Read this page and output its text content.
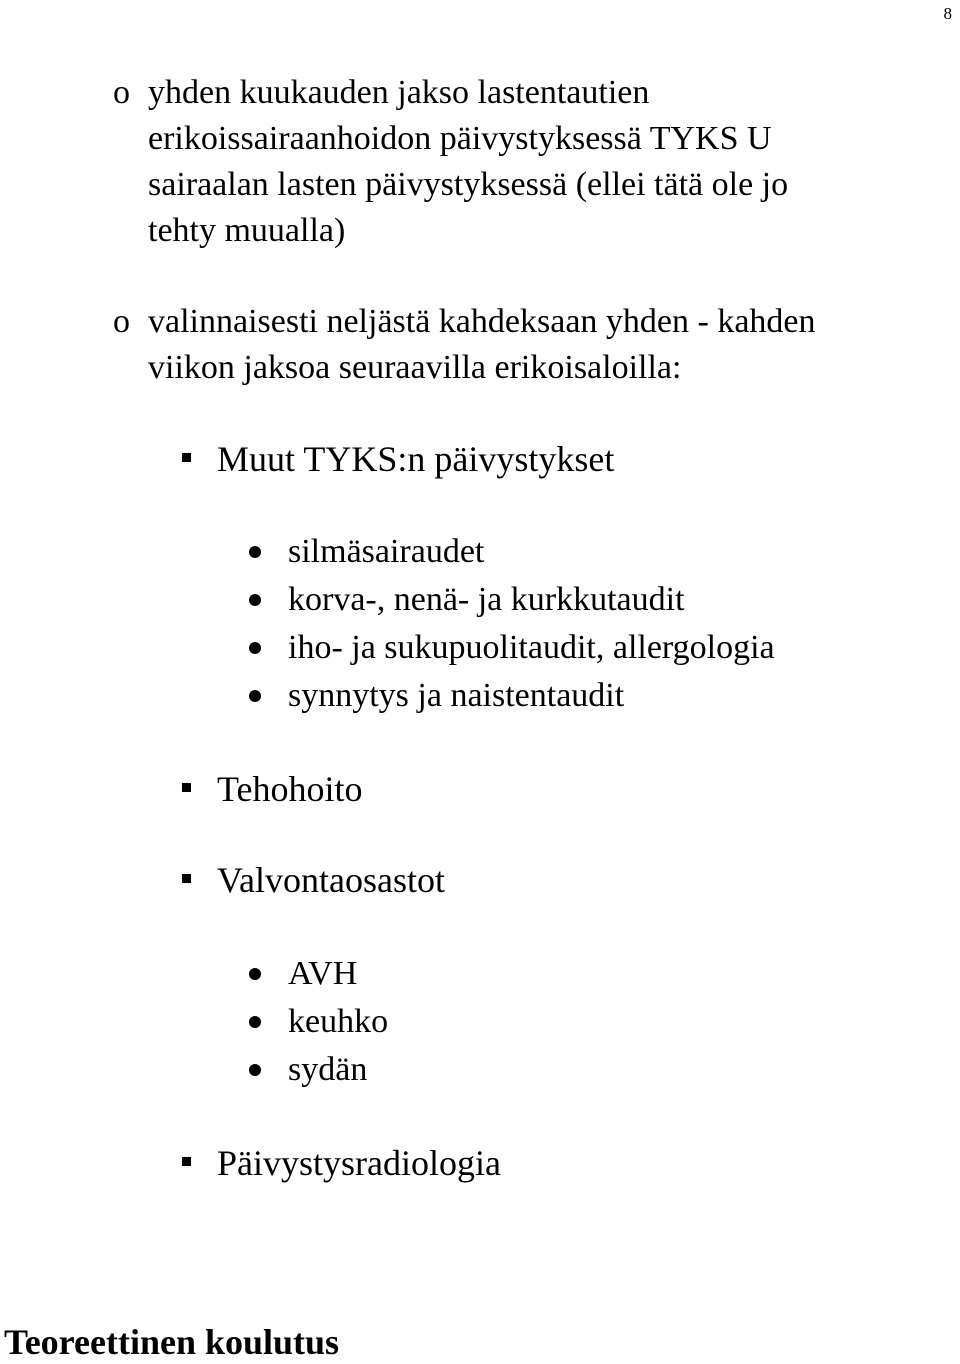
8
o yhden kuukauden jakso lastentautien
erikoissairaanhoidon päivystyksessä TYKS U
sairaalan lasten päivystyksessä (ellei tätä ole jo
tehty muualla)
o valinnaisesti neljästä kahdeksaan yhden - kahden
viikon jaksoa seuraavilla erikoisaloilla:
Muut TYKS:n päivystykset
silmäsairaudet
korva-, nenä- ja kurkkutaudit
iho- ja sukupuolitaudit, allergologia
synnytys ja naistentaudit
Tehohoito
Valvontaosastot
AVH
keuhko
sydän
Päivystysradiologia
Teoreettinen koulutus
